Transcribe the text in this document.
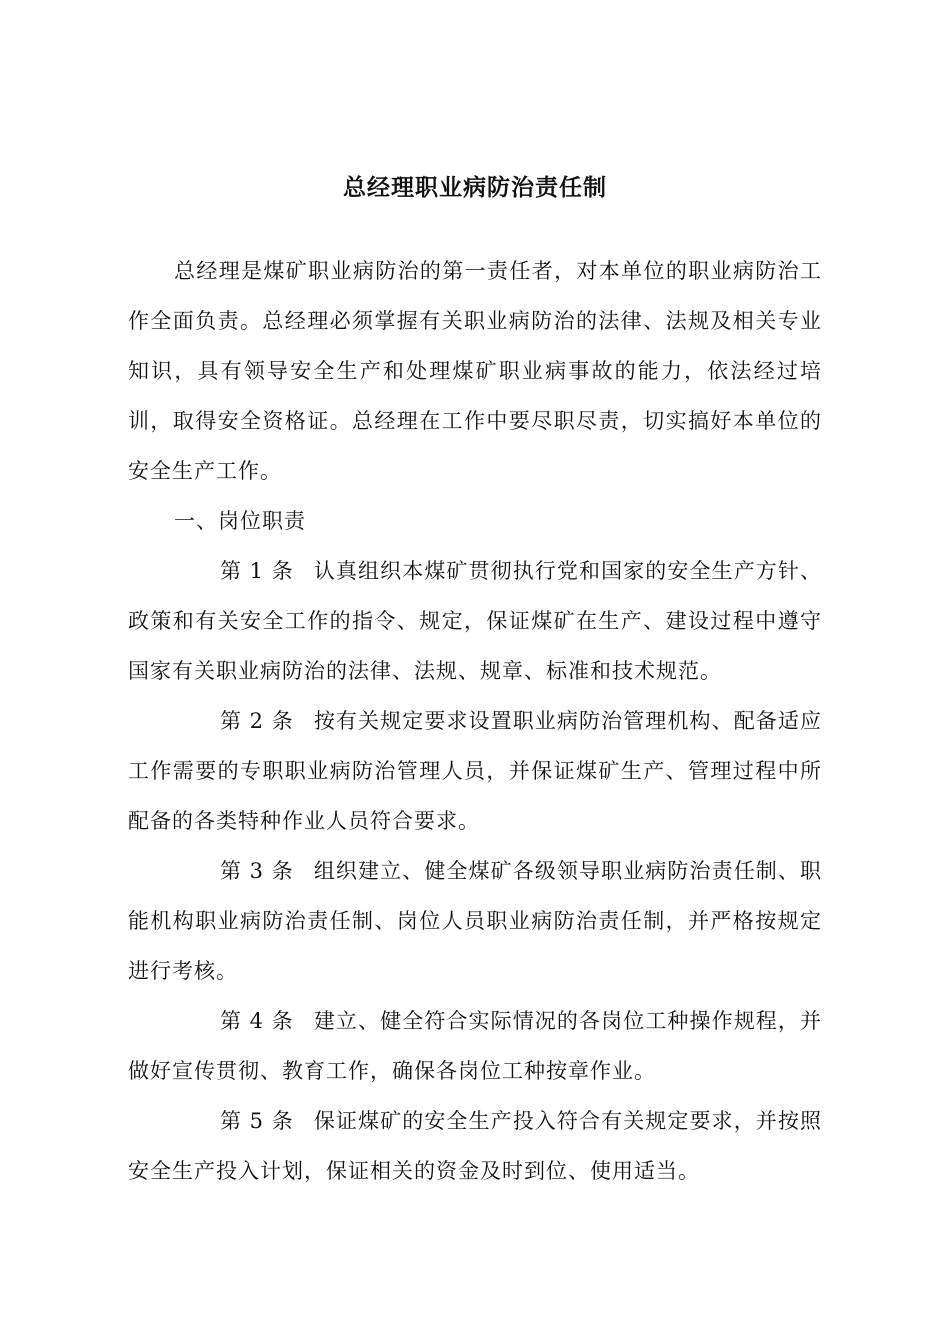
总经理职业病防治责任制

总经理是煤矿职业病防治的第一责任者，对本单位的职业病防治工作全面负责。总经理必须掌握有关职业病防治的法律、法规及相关专业知识，具有领导安全生产和处理煤矿职业病事故的能力，依法经过培训，取得安全资格证。总经理在工作中要尽职尽责，切实搞好本单位的安全生产工作。

一、岗位职责

第 1 条 认真组织本煤矿贯彻执行党和国家的安全生产方针、政策和有关安全工作的指令、规定，保证煤矿在生产、建设过程中遵守国家有关职业病防治的法律、法规、规章、标准和技术规范。

第 2 条 按有关规定要求设置职业病防治管理机构、配备适应工作需要的专职职业病防治管理人员，并保证煤矿生产、管理过程中所配备的各类特种作业人员符合要求。

第 3 条 组织建立、健全煤矿各级领导职业病防治责任制、职能机构职业病防治责任制、岗位人员职业病防治责任制，并严格按规定进行考核。

第 4 条 建立、健全符合实际情况的各岗位工种操作规程，并做好宣传贯彻、教育工作，确保各岗位工种按章作业。

第 5 条 保证煤矿的安全生产投入符合有关规定要求，并按照安全生产投入计划，保证相关的资金及时到位、使用适当。
